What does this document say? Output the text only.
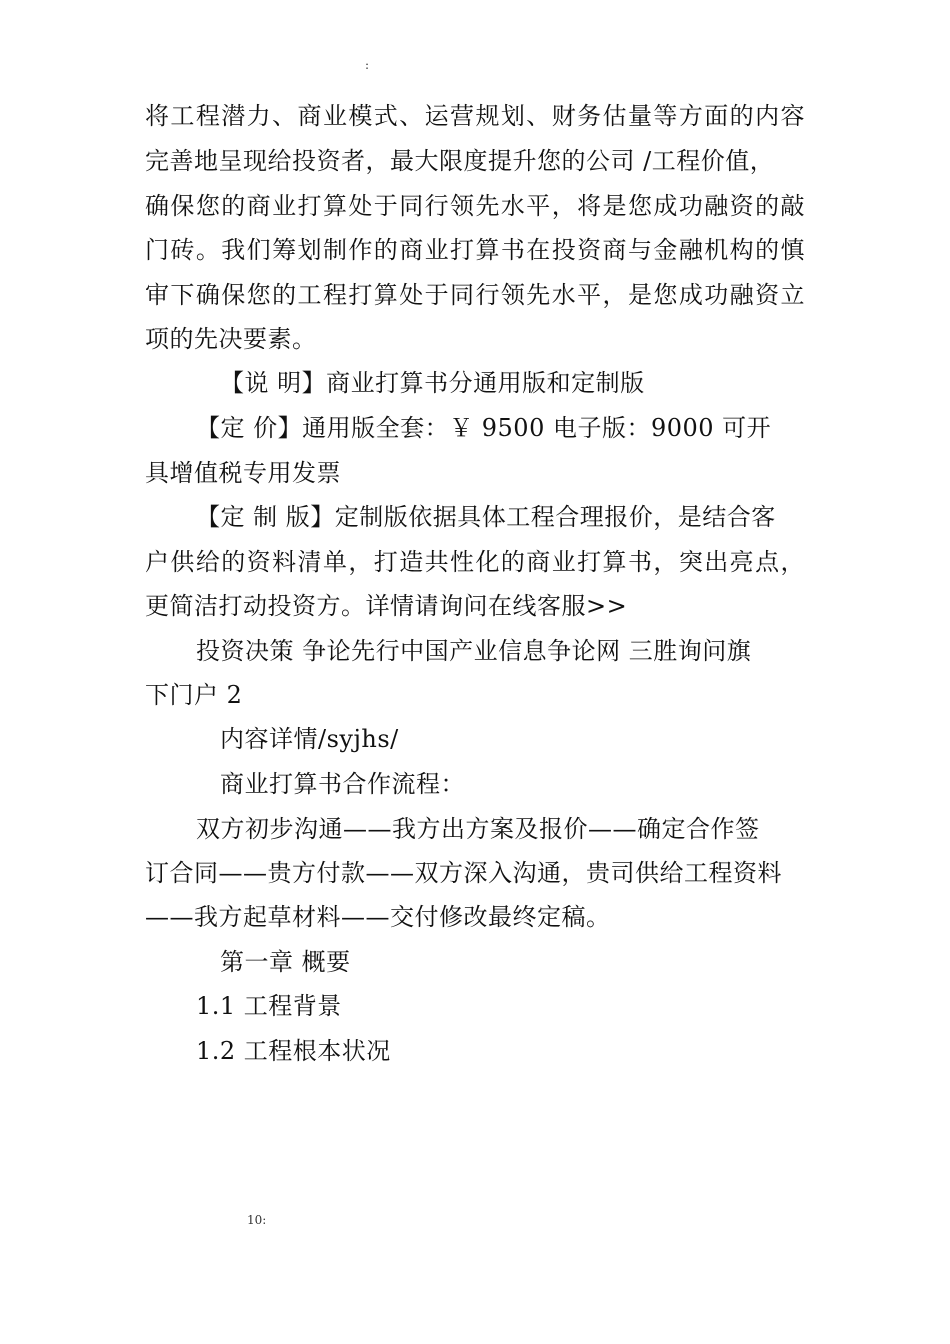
:
将工程潜力、商业模式、运营规划、财务估量等方面的内容
完善地呈现给投资者，最大限度提升您的公司 /工程价值，
确保您的商业打算处于同行领先水平，将是您成功融资的敲
门砖。我们筹划制作的商业打算书在投资商与金融机构的慎
审下确保您的工程打算处于同行领先水平，是您成功融资立
项的先决要素。
【说 明】商业打算书分通用版和定制版
【定 价】通用版全套：￥ 9500 电子版：9000 可开
具增值税专用发票
【定 制 版】定制版依据具体工程合理报价，是结合客
户供给的资料清单，打造共性化的商业打算书，突出亮点，
更简洁打动投资方。详情请询问在线客服>>
投资决策 争论先行中国产业信息争论网 三胜询问旗
下门户 2
内容详情/syjhs/
商业打算书合作流程：
双方初步沟通——我方出方案及报价——确定合作签
订合同——贵方付款——双方深入沟通，贵司供给工程资料
——我方起草材料——交付修改最终定稿。
第一章 概要
1.1 工程背景
1.2 工程根本状况
10:
